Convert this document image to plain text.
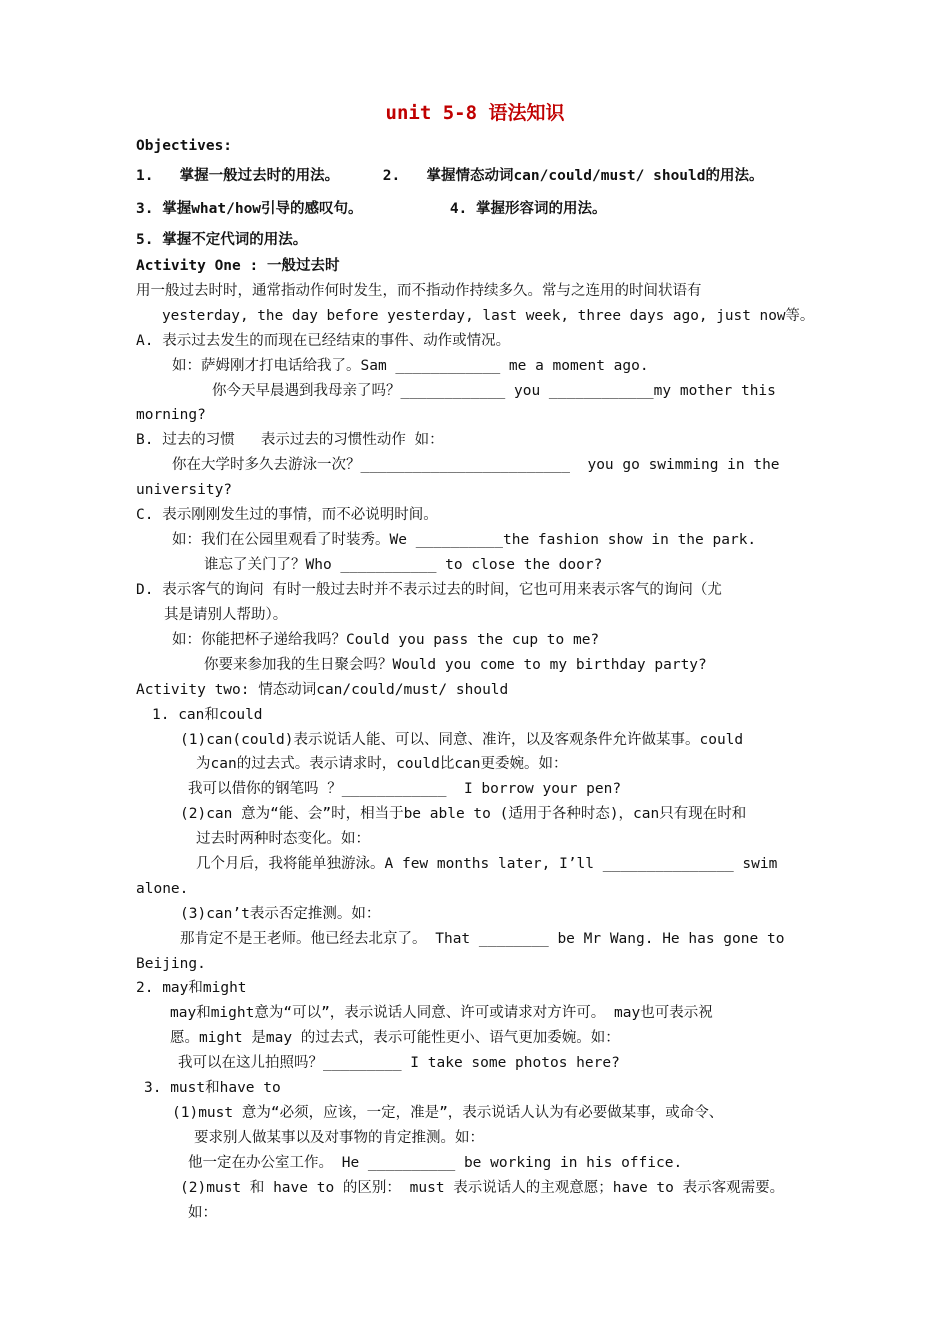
unit 5-8 语法知识
Objectives:
1.   掌握一般过去时的用法。     2.   掌握情态动词can/could/must/ should的用法。
3. 掌握what/how引导的感叹句。          4. 掌握形容词的用法。
5. 掌握不定代词的用法。
Activity One : 一般过去时
用一般过去时时，通常指动作何时发生，而不指动作持续多久。常与之连用的时间状语有
yesterday, the day before yesterday, last week, three days ago, just now等。
A. 表示过去发生的而现在已经结束的事件、动作或情况。
如：萨姆刚才打电话给我了。Sam ____________ me a moment ago.
你今天早晨遇到我母亲了吗？____________ you ____________my mother this
morning?
B. 过去的习惯   表示过去的习惯性动作 如：
你在大学时多久去游泳一次？________________________  you go swimming in the
university?
C. 表示刚刚发生过的事情，而不必说明时间。
如：我们在公园里观看了时装秀。We __________the fashion show in the park.
谁忘了关门了？Who ___________ to close the door?
D. 表示客气的询问 有时一般过去时并不表示过去的时间，它也可用来表示客气的询问（尤
其是请别人帮助）。
如：你能把杯子递给我吗？Could you pass the cup to me?
你要来参加我的生日聚会吗？Would you come to my birthday party?
Activity two: 情态动词can/could/must/ should
1. can和could
(1)can(could)表示说话人能、可以、同意、准许，以及客观条件允许做某事。could
为can的过去式。表示请求时，could比can更委婉。如：
我可以借你的钢笔吗 ？____________  I borrow your pen?
(2)can 意为“能、会”时，相当于be able to (适用于各种时态)，can只有现在时和
过去时两种时态变化。如：
几个月后，我将能单独游泳。A few months later, I’ll _______________ swim
alone.
(3)can’t表示否定推测。如：
那肯定不是王老师。他已经去北京了。 That ________ be Mr Wang. He has gone to
Beijing.
2. may和might
may和might意为“可以”，表示说话人同意、许可或请求对方许可。 may也可表示祝
愿。might 是may 的过去式，表示可能性更小、语气更加委婉。如：
我可以在这儿拍照吗？_________ I take some photos here?
3. must和have to
(1)must 意为“必须，应该，一定，准是”，表示说话人认为有必要做某事，或命令、
要求别人做某事以及对事物的肯定推测。如：
他一定在办公室工作。 He __________ be working in his office.
(2)must 和 have to 的区别： must 表示说话人的主观意愿；have to 表示客观需要。
如：
